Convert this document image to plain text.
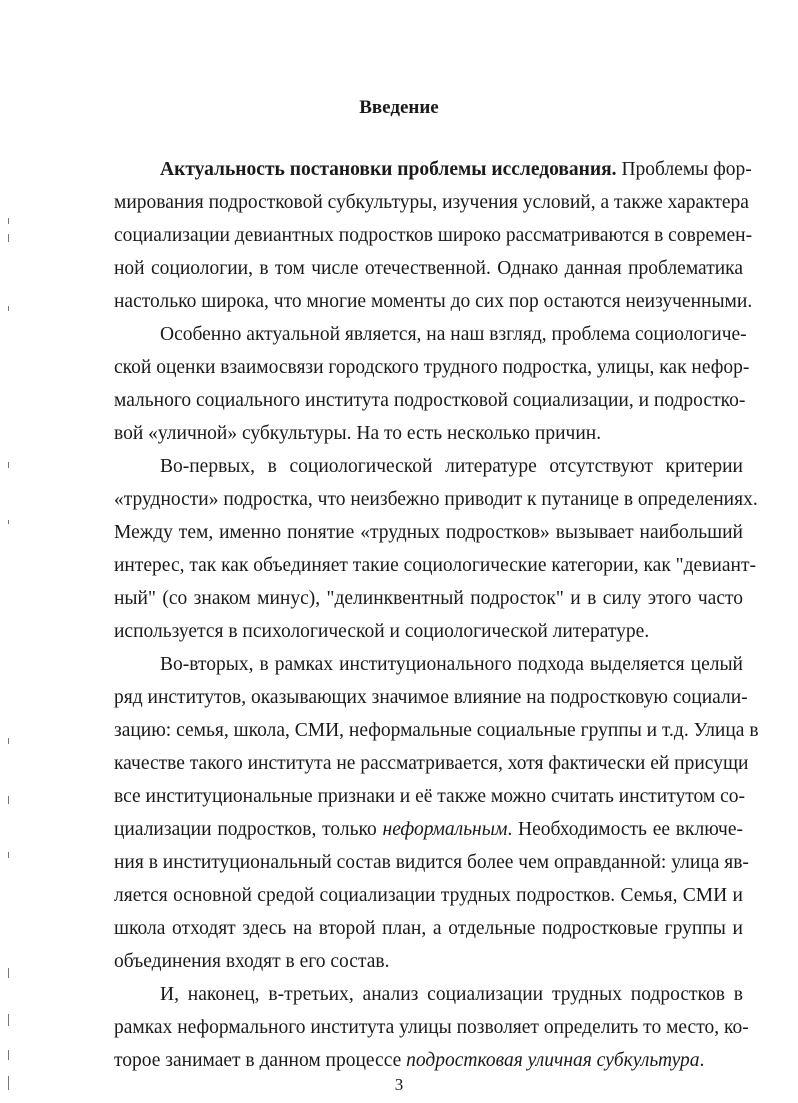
Введение

Актуальность постановки проблемы исследования. Проблемы фор-

мирования подростковой субкультуры, изучения условий, а также характера

социализации девиантных подростков широко рассматриваются в современ-

ной социологии, в том числе отечественной. Однако данная проблематика

настолько широка, что многие моменты до сих пор остаются неизученными.

Особенно актуальной является, на наш взгляд, проблема социологиче-

ской оценки взаимосвязи городского трудного подростка, улицы, как нефор-

мального социального института подростковой социализации, и подростко-

вой «уличной» субкультуры. На то есть несколько причин.

Во-первых, в социологической литературе отсутствуют критерии

«трудности» подростка, что неизбежно приводит к путанице в определениях.

Между тем, именно понятие «трудных подростков» вызывает наибольший

интерес, так как объединяет такие социологические категории, как "девиант-

ный" (со знаком минус), "делинквентный подросток" и в силу этого часто

используется в психологической и социологической литературе.

Во-вторых, в рамках институционального подхода выделяется целый

ряд институтов, оказывающих значимое влияние на подростковую социали-

зацию: семья, школа, СМИ, неформальные социальные группы и т.д. Улица в

качестве такого института не рассматривается, хотя фактически ей присущи

все институциональные признаки и её также можно считать институтом со-

циализации подростков, только неформальным. Необходимость ее включе-

ния в институциональный состав видится более чем оправданной: улица яв-

ляется основной средой социализации трудных подростков. Семья, СМИ и

школа отходят здесь на второй план, а отдельные подростковые группы и

объединения входят в его состав.

И, наконец, в-третьих, анализ социализации трудных подростков в

рамках неформального института улицы позволяет определить то место, ко-

торое занимает в данном процессе подростковая уличная субкультура.

3
